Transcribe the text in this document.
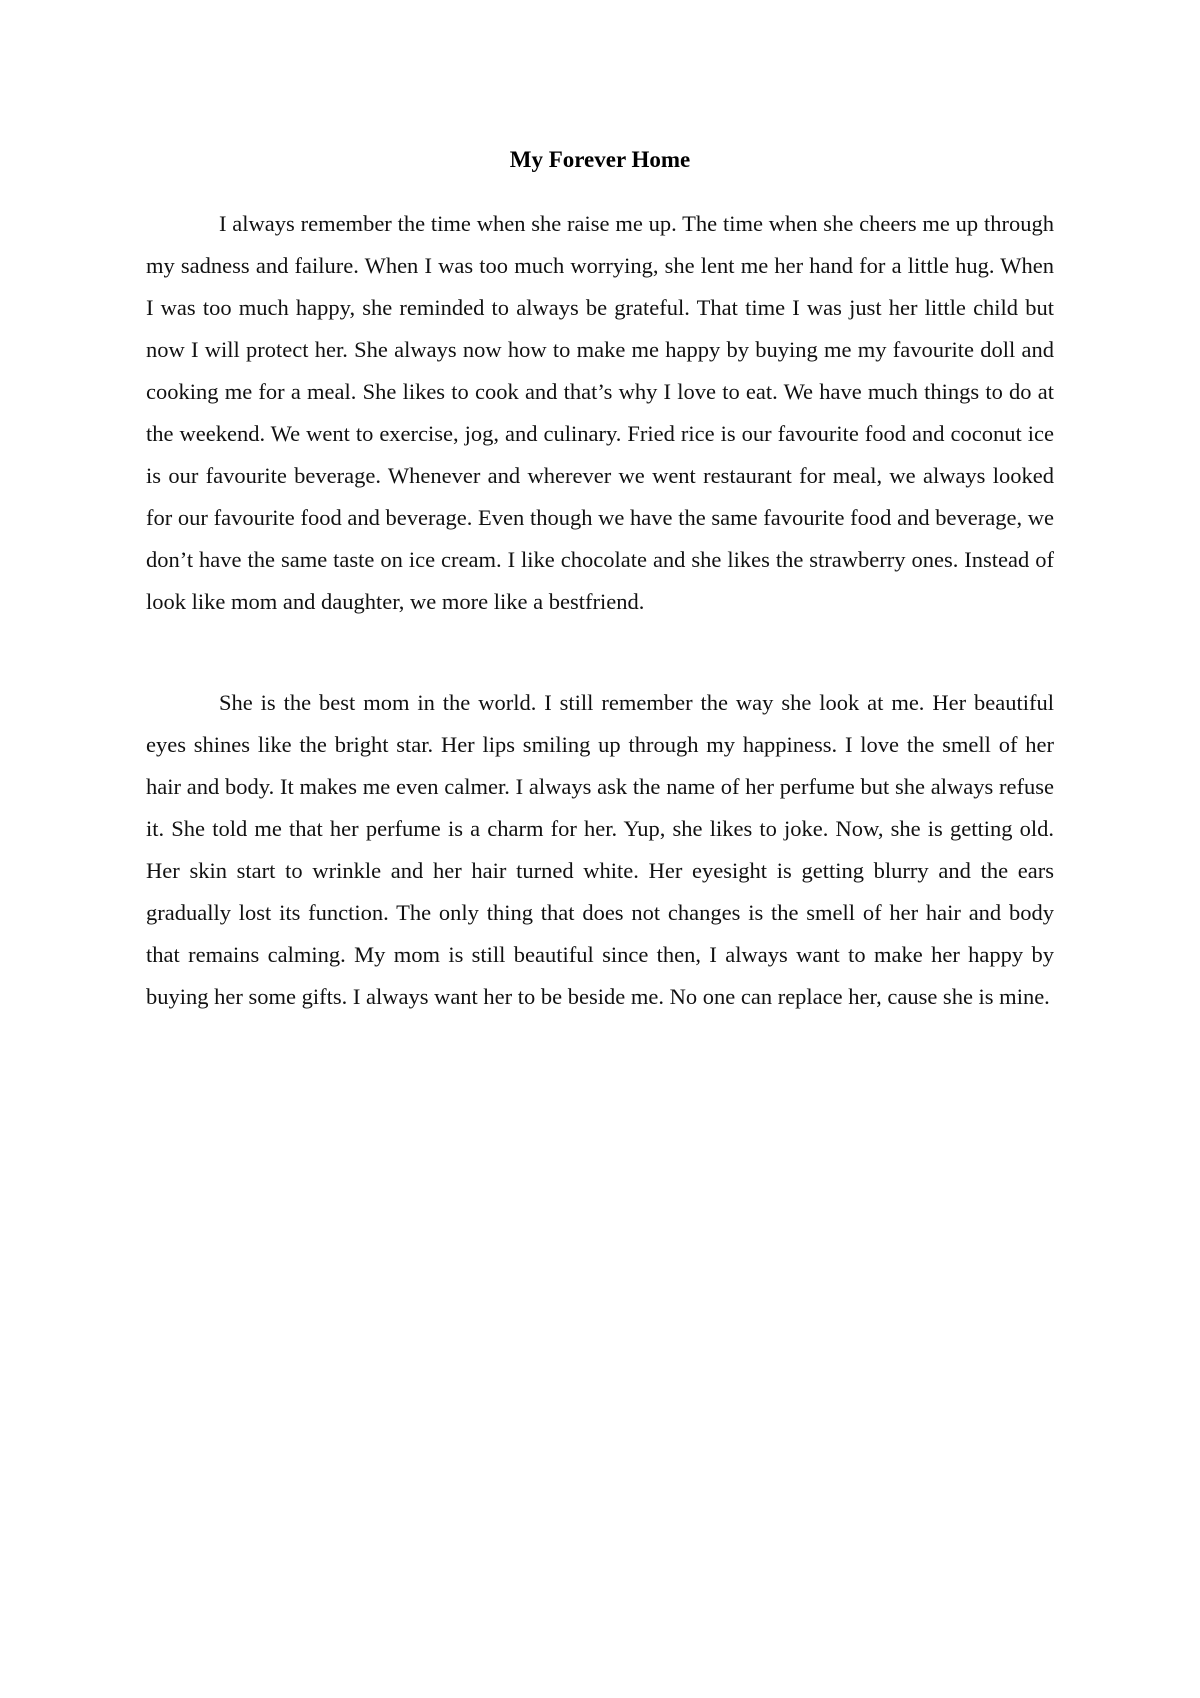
My Forever Home

I always remember the time when she raise me up. The time when she cheers me up through my sadness and failure. When I was too much worrying, she lent me her hand for a little hug. When I was too much happy, she reminded to always be grateful. That time I was just her little child but now I will protect her. She always now how to make me happy by buying me my favourite doll and cooking me for a meal. She likes to cook and that’s why I love to eat. We have much things to do at the weekend. We went to exercise, jog, and culinary. Fried rice is our favourite food and coconut ice is our favourite beverage. Whenever and wherever we went restaurant for meal, we always looked for our favourite food and beverage. Even though we have the same favourite food and beverage, we don’t have the same taste on ice cream. I like chocolate and she likes the strawberry ones. Instead of look like mom and daughter, we more like a bestfriend.

She is the best mom in the world. I still remember the way she look at me. Her beautiful eyes shines like the bright star. Her lips smiling up through my happiness. I love the smell of her hair and body. It makes me even calmer. I always ask the name of her perfume but she always refuse it. She told me that her perfume is a charm for her. Yup, she likes to joke. Now, she is getting old. Her skin start to wrinkle and her hair turned white. Her eyesight is getting blurry and the ears gradually lost its function. The only thing that does not changes is the smell of her hair and body that remains calming. My mom is still beautiful since then, I always want to make her happy by buying her some gifts. I always want her to be beside me. No one can replace her, cause she is mine.
